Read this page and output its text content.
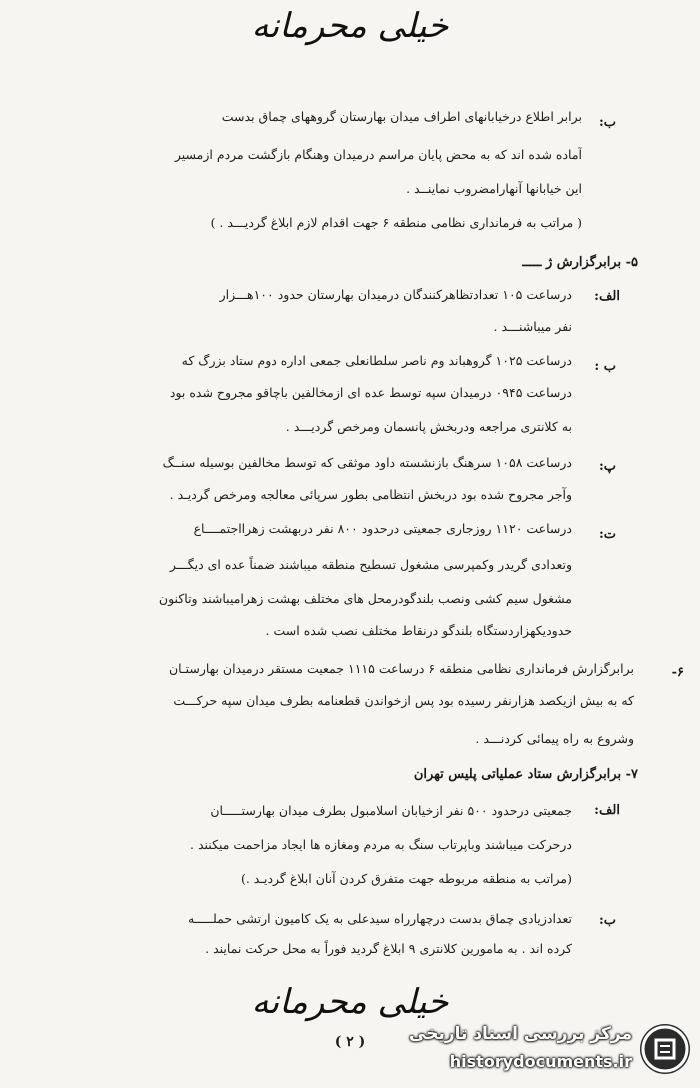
خیلی محرمانه
ب:
برابر اطلاع درخیابانهای اطراف میدان بهارستان گروههای چماق بدست
آماده شده اند که به محض پایان مراسم درمیدان وهنگام بازگشت مردم ازمسیر
این خیابانها آنهارامضروب نماینــد .
( مراتب به فرمانداری نظامی منطقه ۶ جهت اقدام لازم ابلاغ گردیـــد . )
۵- برابرگزارش ژ ـــــ
الف:
درساعت ۱۰۵ تعدادتظاهرکنندگان درمیدان بهارستان حدود ۱۰۰هـــزار
نفر میباشنـــد .
ب :
درساعت ۱۰۲۵ گروهباند وم ناصر سلطانعلی جمعی اداره دوم ستاد بزرگ که
درساعت ۰۹۴۵ درمیدان سپه توسط عده ای ازمخالفین باچاقو مجروح شده بود
به کلانتری مراجعه ودربخش پانسمان ومرخص گردیـــد .
پ:
درساعت ۱۰۵۸ سرهنگ بازنشسته داود موثقی که توسط مخالفین بوسیله سنــگ
وآجر مجروح شده بود دربخش انتظامی بطور سرپائی معالجه ومرخص گردیـد .
ت:
درساعت ۱۱۲۰ روزجاری جمعیتی درحدود ۸۰۰ نفر دربهشت زهرااجتمــــاع
وتعدادی گریدر وکمپرسی مشغول تسطیح منطقه میباشند ضمناً عده ای دیگـــر
مشغول سیم کشی ونصب بلندگودرمحل های مختلف بهشت زهرامیباشند وتاکنون
حدودیکهزاردستگاه بلندگو درنقاط مختلف نصب شده است .
۶-
برابرگزارش فرمانداری نظامی منطقه ۶ درساعت ۱۱۱۵ جمعیت مستقر درمیدان بهارستـان
که به بیش ازیکصد هزارنفر رسیده بود پس ازخواندن قطعنامه بطرف میدان سپه حرکـــت
وشروع به راه پیمائی کردنـــد .
۷- برابرگزارش ستاد عملیاتی پلیس تهران
الف:
جمعیتی درحدود ۵۰۰ نفر ازخیابان اسلامبول بطرف میدان بهارستـــــان
درحرکت میباشند وباپرتاب سنگ به مردم ومغازه ها ایجاد مزاحمت میکنند .
(مراتب به منطقه مربوطه جهت متفرق کردن آنان ابلاغ گردیـد .)
ب:
تعدادزیادی چماق بدست درچهارراه سیدعلی به یک کامیون ارتشی حملـــــه
کرده اند . به مامورین کلانتری ۹ ابلاغ گردید فوراً به محل حرکت نمایند .
خیلی محرمانه
( ۲ )	مرکز بررسی اسناد تاریخی
historydocuments.ir
